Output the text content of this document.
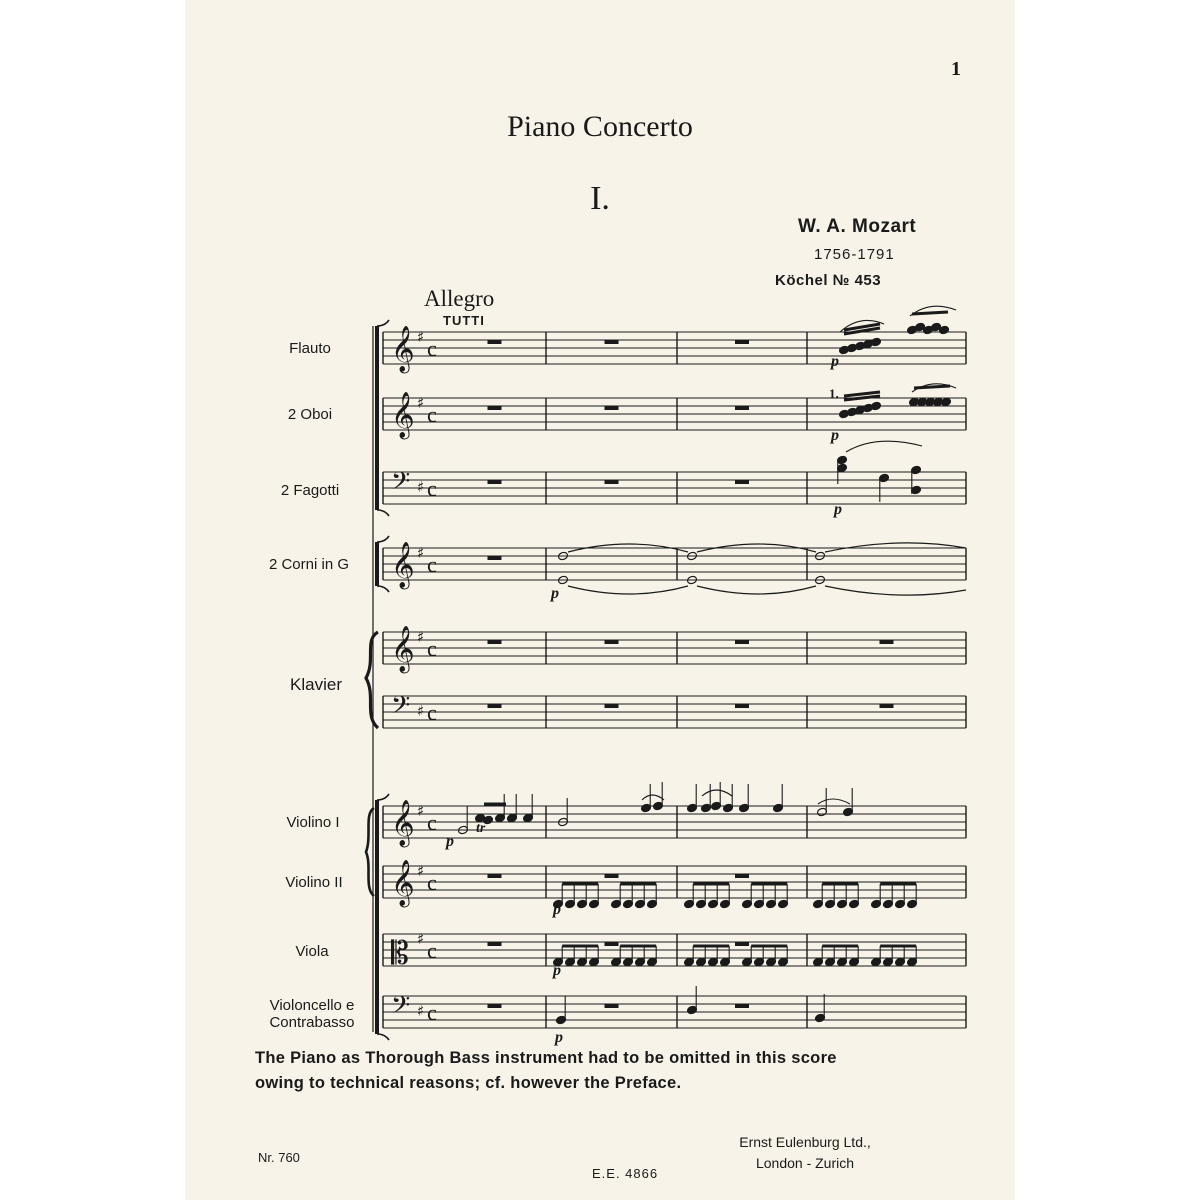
1
Piano Concerto
I.
W. A. Mozart
1756-1791
Köchel № 453
Allegro
TUTTI
Flauto
2 Oboi
2 Fagotti
2 Corni in G
Klavier
Violino I
Violino II
Viola
Violoncello e Contrabasso
𝄞 ♯ c
𝄞 ♯ c
𝄢 ♯ c
𝄞 ♯ c
𝄞 ♯ c
𝄢 ♯ c
𝄞 ♯ c
𝄞 ♯ c
𝄡 ♯ c
𝄢 ♯ c
tr
1.
p
p
p
p
p
p
p
p
The Piano as Thorough Bass instrument had to be omitted in this score owing to technical reasons; cf. however the Preface.
Nr. 760
E.E. 4866
Ernst Eulenburg Ltd.,
London - Zurich
